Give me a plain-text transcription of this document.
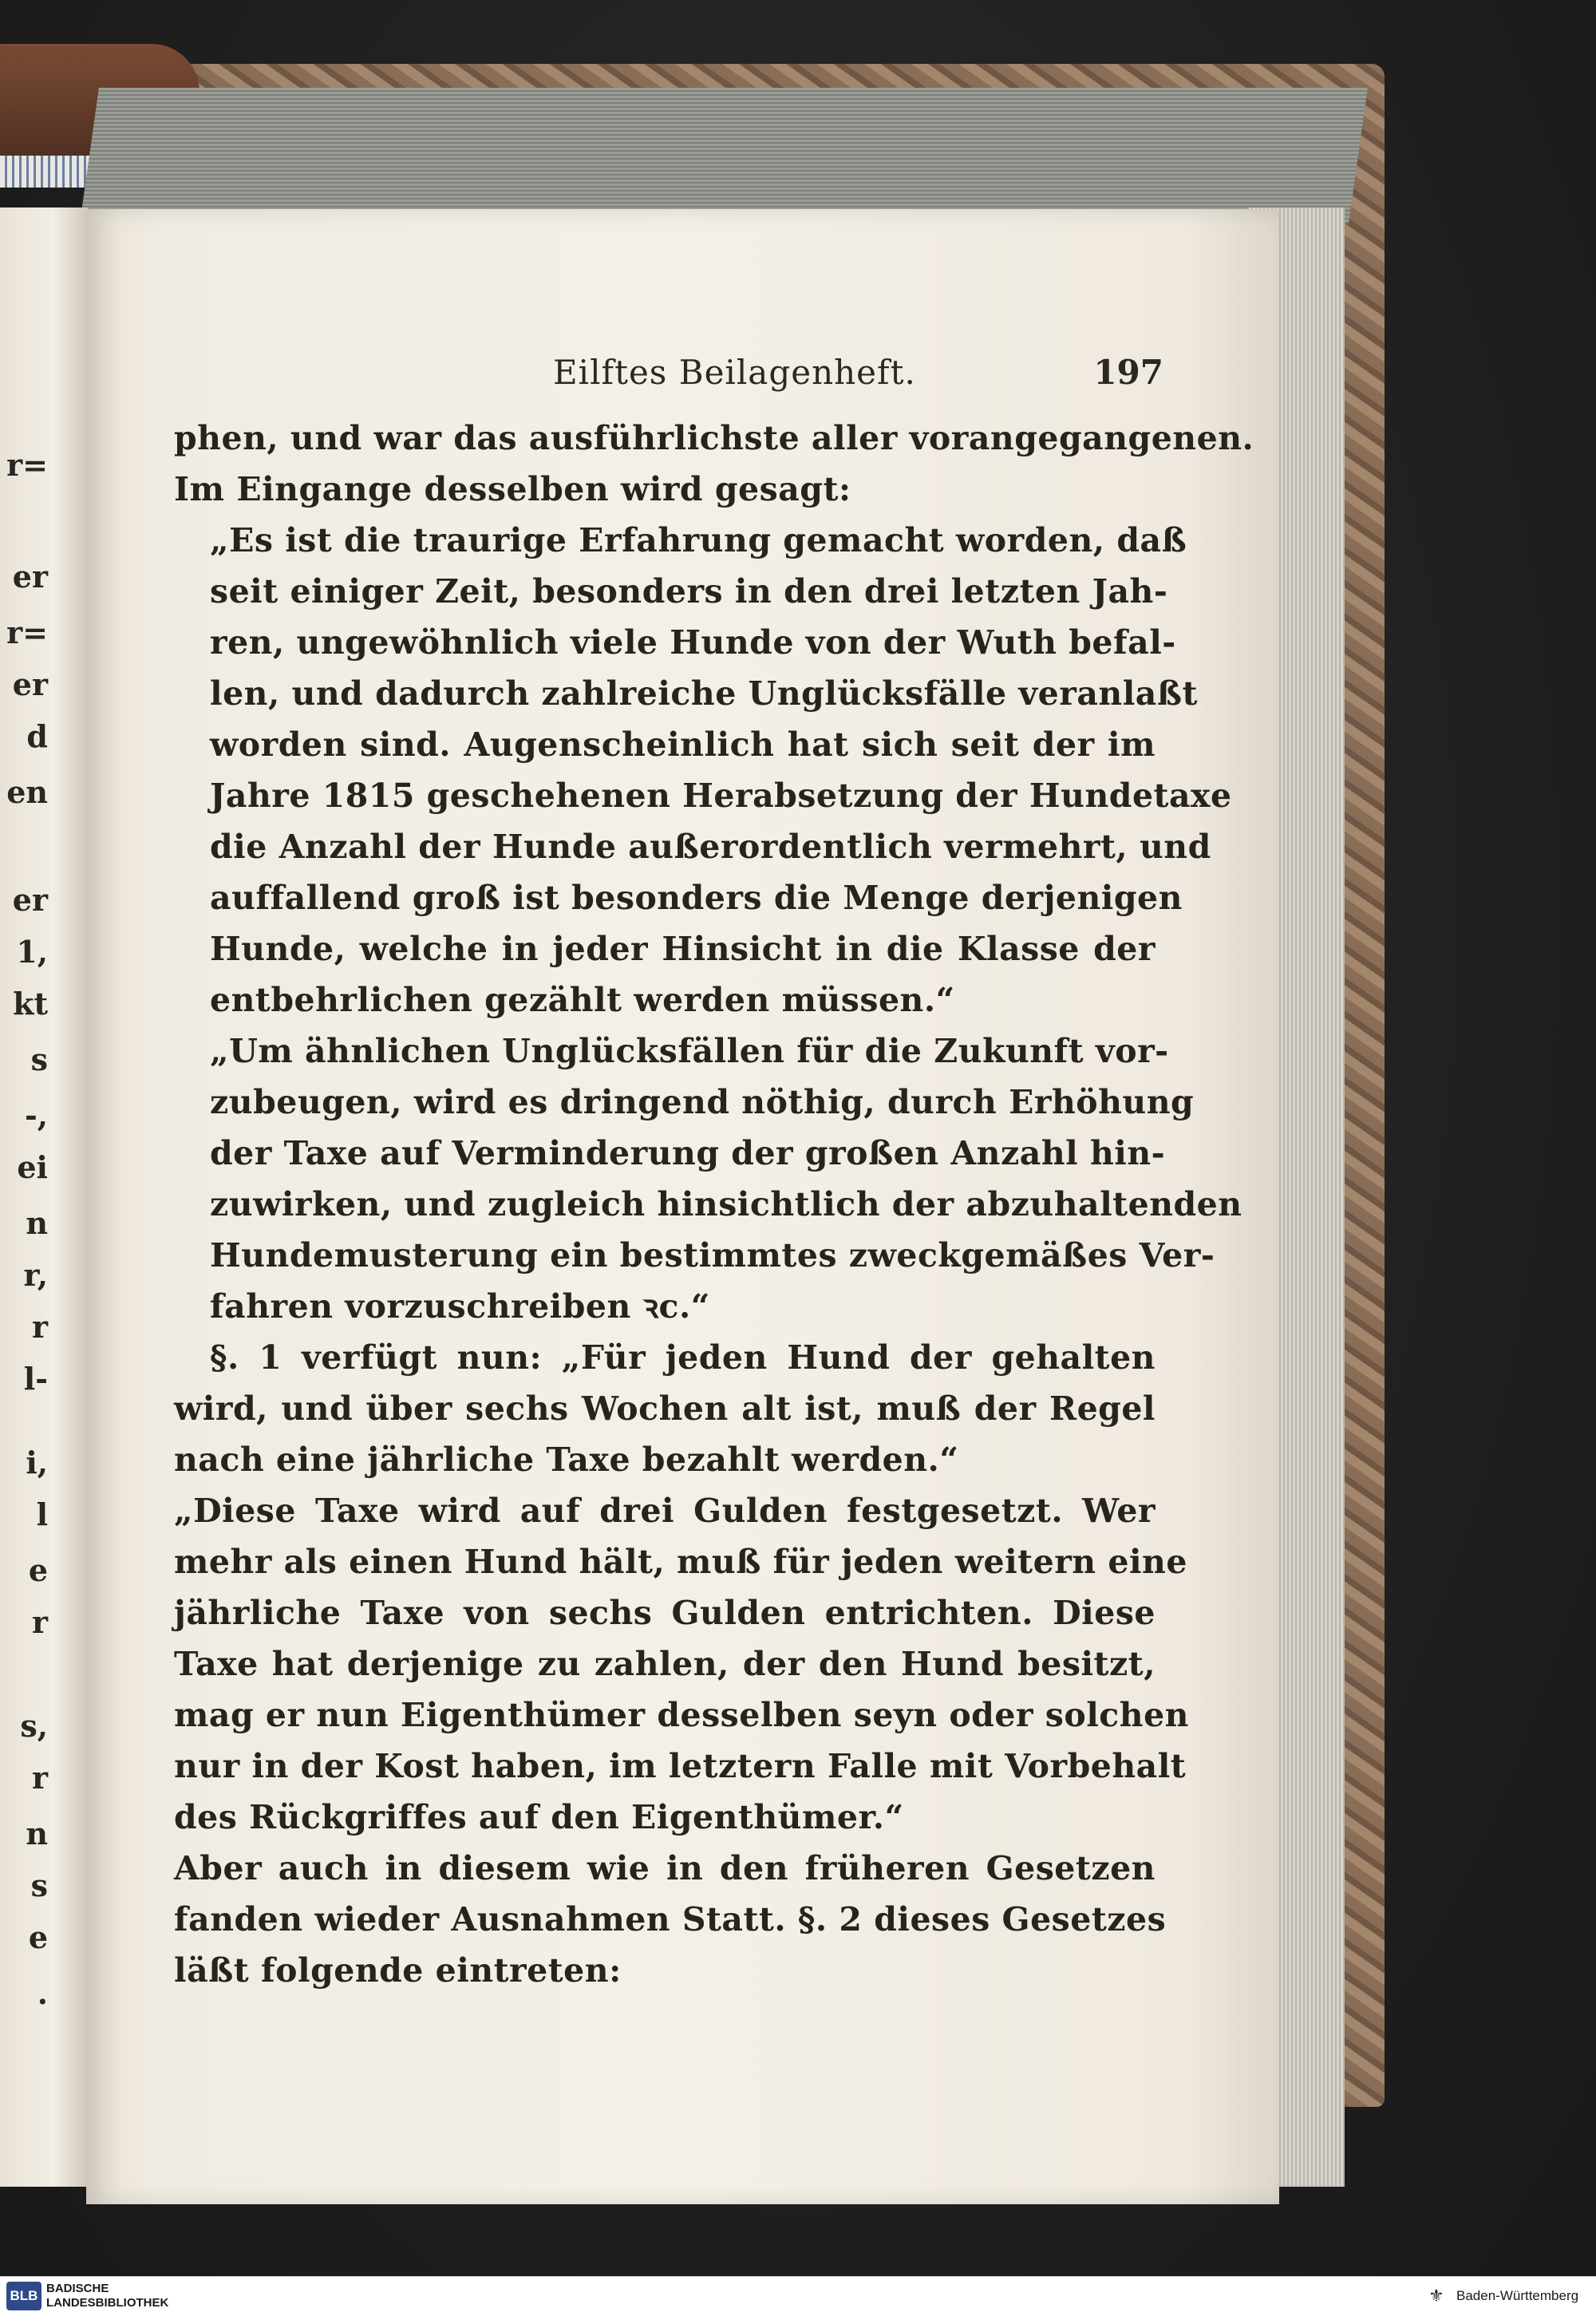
r=
er
r=
er
d
en
er
1,
kt
s
-,
ei
n
r,
r
l-
i,
l
e
r
s,
r
n
s
e
.
Eilftes Beilagenheft.	197
phen, und war das ausführlichste aller vorangegangenen.
Im Eingange desselben wird gesagt:
„Es ist die traurige Erfahrung gemacht worden, daß
seit einiger Zeit, besonders in den drei letzten Jah-
ren, ungewöhnlich viele Hunde von der Wuth befal-
len, und dadurch zahlreiche Unglücksfälle veranlaßt
worden sind. Augenscheinlich hat sich seit der im
Jahre 1815 geschehenen Herabsetzung der Hundetaxe
die Anzahl der Hunde außerordentlich vermehrt, und
auffallend groß ist besonders die Menge derjenigen
Hunde, welche in jeder Hinsicht in die Klasse der
entbehrlichen gezählt werden müssen.“
„Um ähnlichen Unglücksfällen für die Zukunft vor-
zubeugen, wird es dringend nöthig, durch Erhöhung
der Taxe auf Verminderung der großen Anzahl hin-
zuwirken, und zugleich hinsichtlich der abzuhaltenden
Hundemusterung ein bestimmtes zweckgemäßes Ver-
fahren vorzuschreiben ꝛc.“
§. 1 verfügt nun: „Für jeden Hund der gehalten
wird, und über sechs Wochen alt ist, muß der Regel
nach eine jährliche Taxe bezahlt werden.“
„Diese Taxe wird auf drei Gulden festgesetzt. Wer
mehr als einen Hund hält, muß für jeden weitern eine
jährliche Taxe von sechs Gulden entrichten. Diese
Taxe hat derjenige zu zahlen, der den Hund besitzt,
mag er nun Eigenthümer desselben seyn oder solchen
nur in der Kost haben, im letztern Falle mit Vorbehalt
des Rückgriffes auf den Eigenthümer.“
Aber auch in diesem wie in den früheren Gesetzen
fanden wieder Ausnahmen Statt. §. 2 dieses Gesetzes
läßt folgende eintreten:
BLB BADISCHE
LANDESBIBLIOTHEK	⚜ Baden-Württemberg
